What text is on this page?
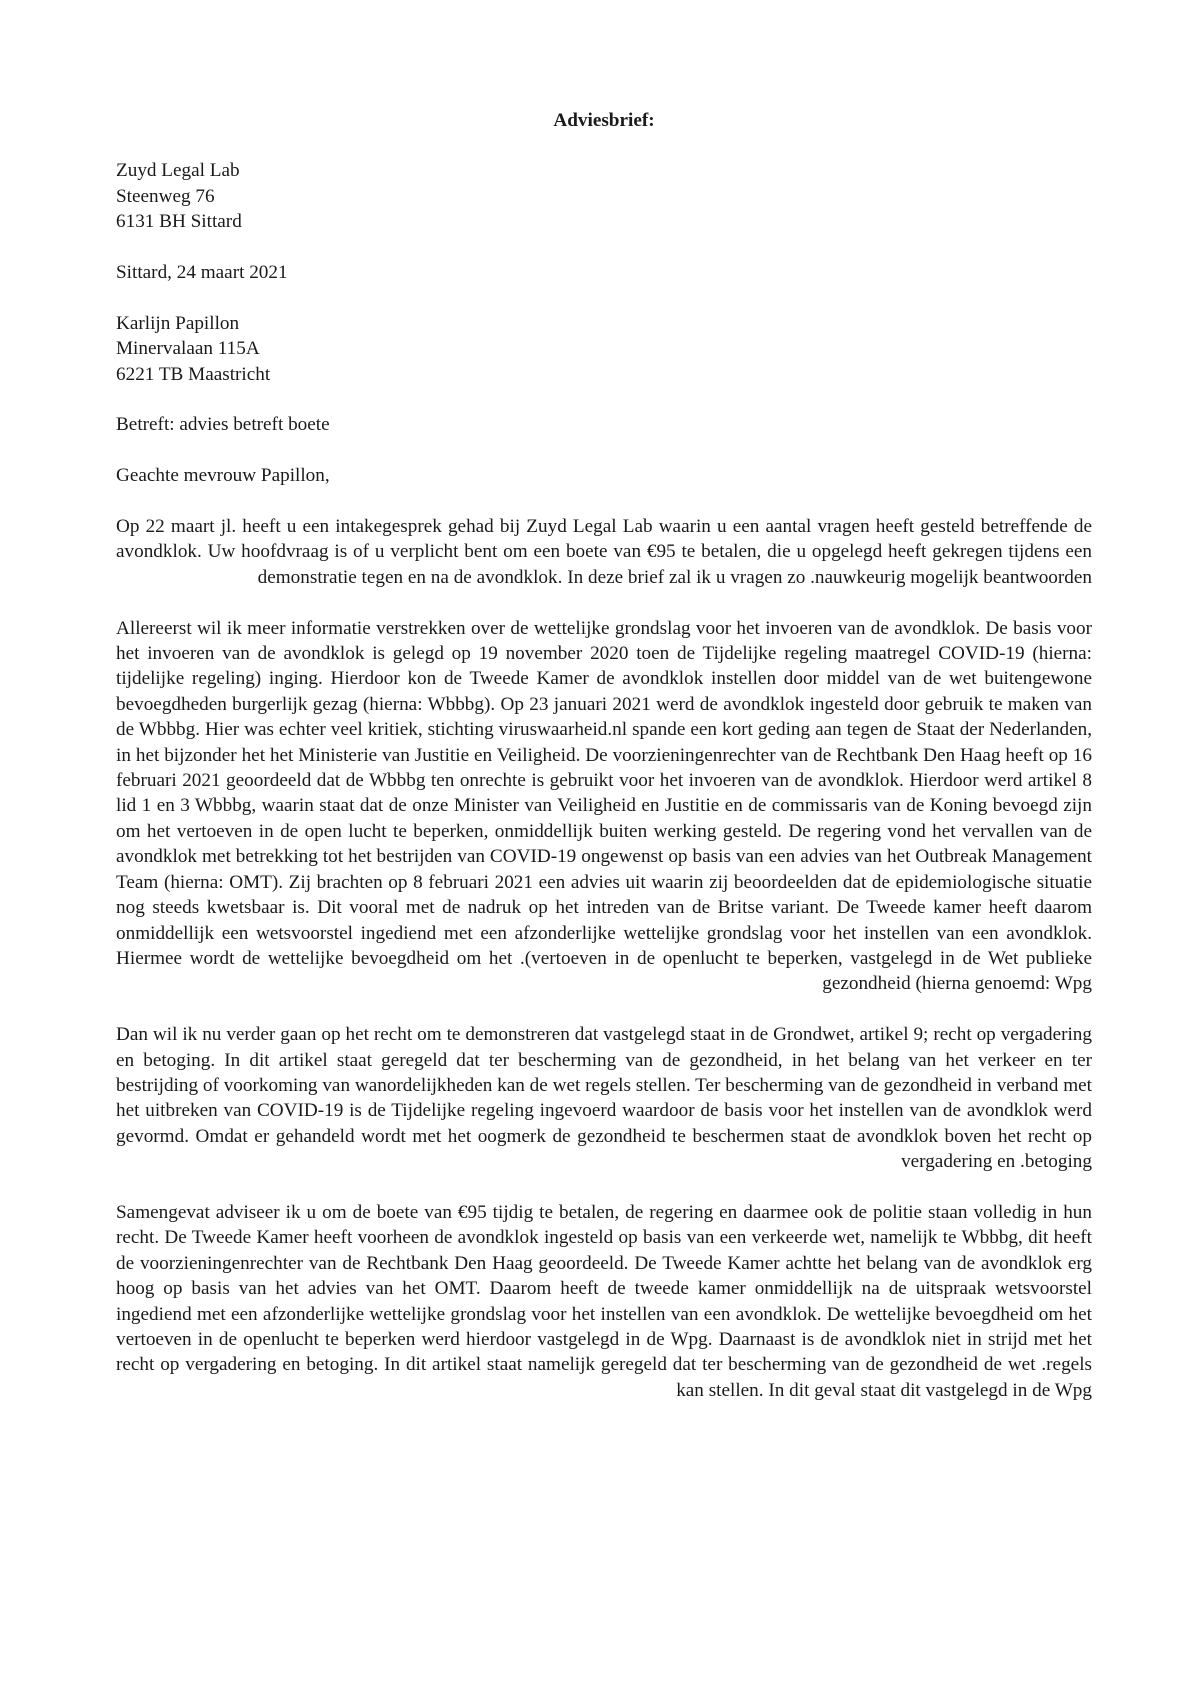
Adviesbrief:
Zuyd Legal Lab
Steenweg 76
6131 BH Sittard
Sittard, 24 maart 2021
Karlijn Papillon
Minervalaan 115A
6221 TB Maastricht
Betreft: advies betreft boete
Geachte mevrouw Papillon,

Op 22 maart jl. heeft u een intakegesprek gehad bij Zuyd Legal Lab waarin u een aantal vragen heeft gesteld betreffende de avondklok. Uw hoofdvraag is of u verplicht bent om een boete van €95 te betalen, die u opgelegd heeft gekregen tijdens een demonstratie tegen en na de avondklok. In deze brief zal ik u vragen zo .nauwkeurig mogelijk beantwoorden

Allereerst wil ik meer informatie verstrekken over de wettelijke grondslag voor het invoeren van de avondklok. De basis voor het invoeren van de avondklok is gelegd op 19 november 2020 toen de Tijdelijke regeling maatregel COVID-19 (hierna: tijdelijke regeling) inging. Hierdoor kon de Tweede Kamer de avondklok instellen door middel van de wet buitengewone bevoegdheden burgerlijk gezag (hierna: Wbbbg). Op 23 januari 2021 werd de avondklok ingesteld door gebruik te maken van de Wbbbg. Hier was echter veel kritiek, stichting viruswaarheid.nl spande een kort geding aan tegen de Staat der Nederlanden, in het bijzonder het het Ministerie van Justitie en Veiligheid. De voorzieningenrechter van de Rechtbank Den Haag heeft op 16 februari 2021 geoordeeld dat de Wbbbg ten onrechte is gebruikt voor het invoeren van de avondklok. Hierdoor werd artikel 8 lid 1 en 3 Wbbbg, waarin staat dat de onze Minister van Veiligheid en Justitie en de commissaris van de Koning bevoegd zijn om het vertoeven in de open lucht te beperken, onmiddellijk buiten werking gesteld. De regering vond het vervallen van de avondklok met betrekking tot het bestrijden van COVID-19 ongewenst op basis van een advies van het Outbreak Management Team (hierna: OMT). Zij brachten op 8 februari 2021 een advies uit waarin zij beoordeelden dat de epidemiologische situatie nog steeds kwetsbaar is. Dit vooral met de nadruk op het intreden van de Britse variant. De Tweede kamer heeft daarom onmiddellijk een wetsvoorstel ingediend met een afzonderlijke wettelijke grondslag voor het instellen van een avondklok. Hiermee wordt de wettelijke bevoegdheid om het .(vertoeven in de openlucht te beperken, vastgelegd in de Wet publieke gezondheid (hierna genoemd: Wpg

Dan wil ik nu verder gaan op het recht om te demonstreren dat vastgelegd staat in de Grondwet, artikel 9; recht op vergadering en betoging. In dit artikel staat geregeld dat ter bescherming van de gezondheid, in het belang van het verkeer en ter bestrijding of voorkoming van wanordelijkheden kan de wet regels stellen. Ter bescherming van de gezondheid in verband met het uitbreken van COVID-19 is de Tijdelijke regeling ingevoerd waardoor de basis voor het instellen van de avondklok werd gevormd. Omdat er gehandeld wordt met het oogmerk de gezondheid te beschermen staat de avondklok boven het recht op vergadering en .betoging

Samengevat adviseer ik u om de boete van €95 tijdig te betalen, de regering en daarmee ook de politie staan volledig in hun recht. De Tweede Kamer heeft voorheen de avondklok ingesteld op basis van een verkeerde wet, namelijk te Wbbbg, dit heeft de voorzieningenrechter van de Rechtbank Den Haag geoordeeld. De Tweede Kamer achtte het belang van de avondklok erg hoog op basis van het advies van het OMT. Daarom heeft de tweede kamer onmiddellijk na de uitspraak wetsvoorstel ingediend met een afzonderlijke wettelijke grondslag voor het instellen van een avondklok. De wettelijke bevoegdheid om het vertoeven in de openlucht te beperken werd hierdoor vastgelegd in de Wpg. Daarnaast is de avondklok niet in strijd met het recht op vergadering en betoging. In dit artikel staat namelijk geregeld dat ter bescherming van de gezondheid de wet .regels kan stellen. In dit geval staat dit vastgelegd in de Wpg
